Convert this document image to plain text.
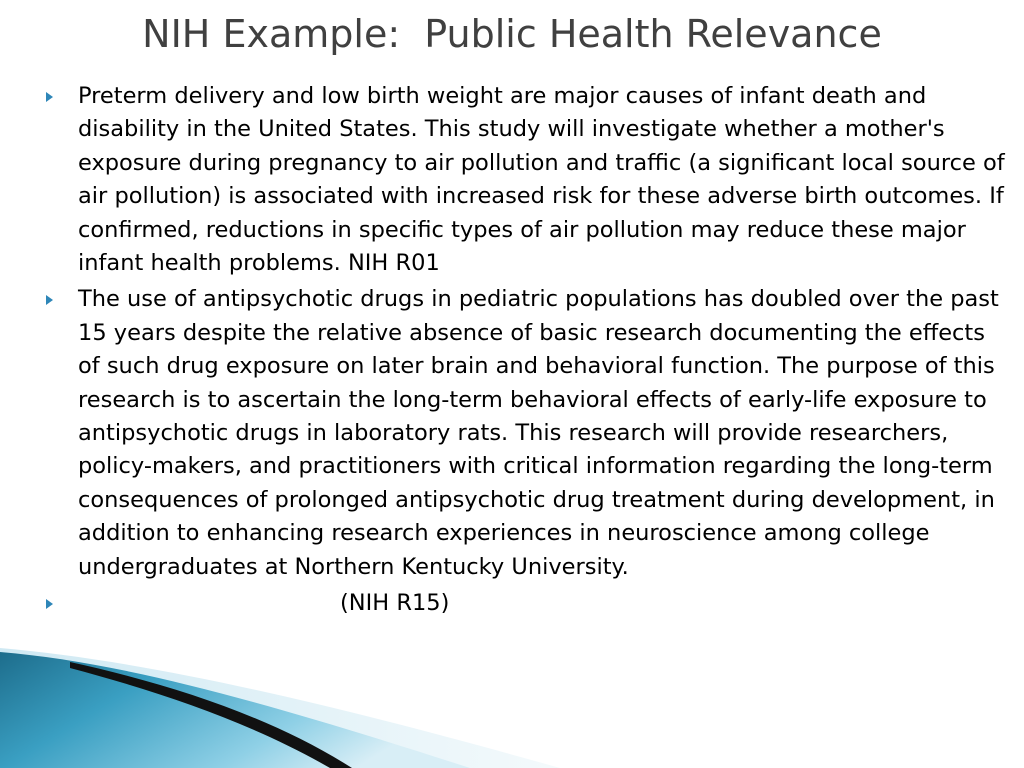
NIH Example:  Public Health Relevance
Preterm delivery and low birth weight are major causes of infant death and disability in the United States. This study will investigate whether a mother's exposure during pregnancy to air pollution and traffic (a significant local source of air pollution) is associated with increased risk for these adverse birth outcomes. If confirmed, reductions in specific types of air pollution may reduce these major infant health problems. NIH R01
The use of antipsychotic drugs in pediatric populations has doubled over the past 15 years despite the relative absence of basic research documenting the effects of such drug exposure on later brain and behavioral function. The purpose of this research is to ascertain the long-term behavioral effects of early-life exposure to antipsychotic drugs in laboratory rats. This research will provide researchers, policy-makers, and practitioners with critical information regarding the long-term consequences of prolonged antipsychotic drug treatment during development, in addition to enhancing research experiences in neuroscience among college undergraduates at Northern Kentucky University.
(NIH R15)
